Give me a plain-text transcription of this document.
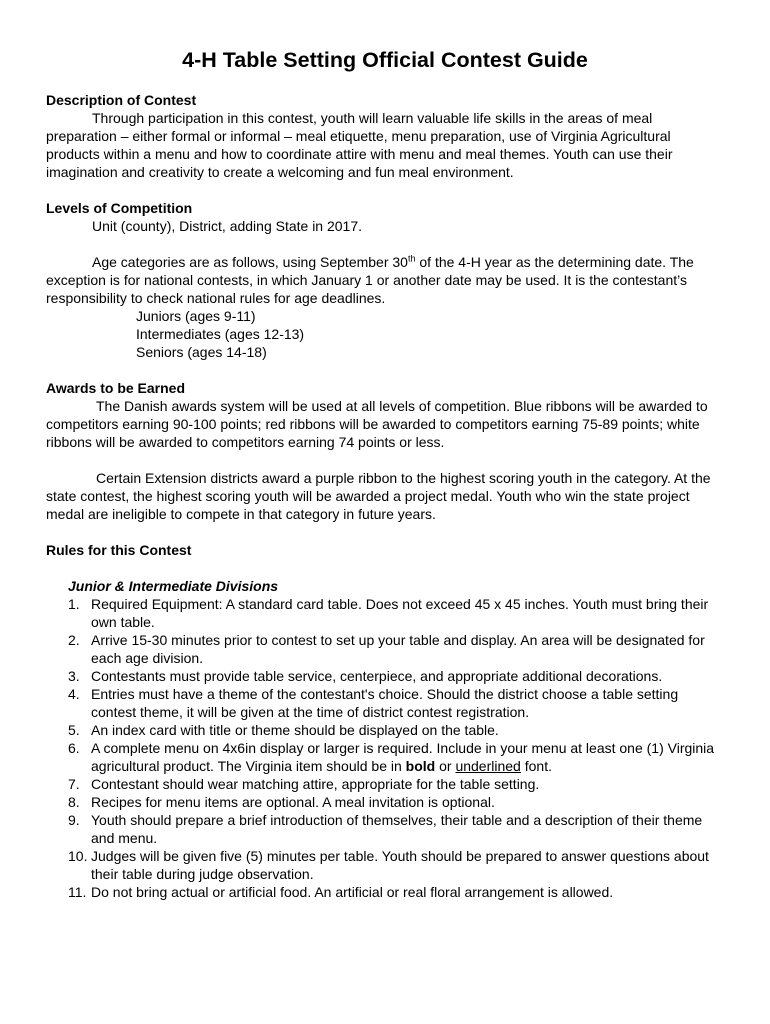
4-H Table Setting Official Contest Guide
Description of Contest

Through participation in this contest, youth will learn valuable life skills in the areas of meal preparation – either formal or informal – meal etiquette, menu preparation, use of Virginia Agricultural products within a menu and how to coordinate attire with menu and meal themes. Youth can use their imagination and creativity to create a welcoming and fun meal environment.

Levels of Competition

Unit (county), District, adding State in 2017.

Age categories are as follows, using September 30th of the 4-H year as the determining date. The exception is for national contests, in which January 1 or another date may be used. It is the contestant’s responsibility to check national rules for age deadlines.

Juniors (ages 9-11)

Intermediates (ages 12-13)

Seniors (ages 14-18)

Awards to be Earned

The Danish awards system will be used at all levels of competition. Blue ribbons will be awarded to competitors earning 90-100 points; red ribbons will be awarded to competitors earning 75-89 points; white ribbons will be awarded to competitors earning 74 points or less.

Certain Extension districts award a purple ribbon to the highest scoring youth in the category. At the state contest, the highest scoring youth will be awarded a project medal. Youth who win the state project medal are ineligible to compete in that category in future years.

Rules for this Contest

Junior & Intermediate Divisions

1. Required Equipment: A standard card table. Does not exceed 45 x 45 inches. Youth must bring their own table.
2. Arrive 15-30 minutes prior to contest to set up your table and display. An area will be designated for each age division.
3. Contestants must provide table service, centerpiece, and appropriate additional decorations.
4. Entries must have a theme of the contestant's choice. Should the district choose a table setting contest theme, it will be given at the time of district contest registration.
5. An index card with title or theme should be displayed on the table.
6. A complete menu on 4x6in display or larger is required. Include in your menu at least one (1) Virginia agricultural product. The Virginia item should be in bold or underlined font.
7. Contestant should wear matching attire, appropriate for the table setting.
8. Recipes for menu items are optional. A meal invitation is optional.
9. Youth should prepare a brief introduction of themselves, their table and a description of their theme and menu.
10. Judges will be given five (5) minutes per table. Youth should be prepared to answer questions about their table during judge observation.
11. Do not bring actual or artificial food. An artificial or real floral arrangement is allowed.
